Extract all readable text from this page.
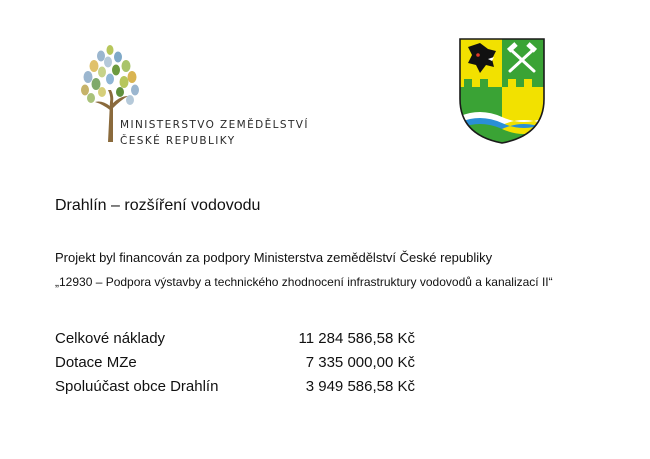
MINISTERSTVO ZEMĚDĚLSTVÍ
ČESKÉ REPUBLIKY
Drahlín – rozšíření vodovodu
Projekt byl financován za podpory Ministerstva zemědělství České republiky
„12930 – Podpora výstavby a technického zhodnocení infrastruktury vodovodů a kanalizací II“
Celkové náklady	11 284 586,58 Kč
Dotace MZe	7 335 000,00 Kč
Spoluúčast obce Drahlín	3 949 586,58 Kč
